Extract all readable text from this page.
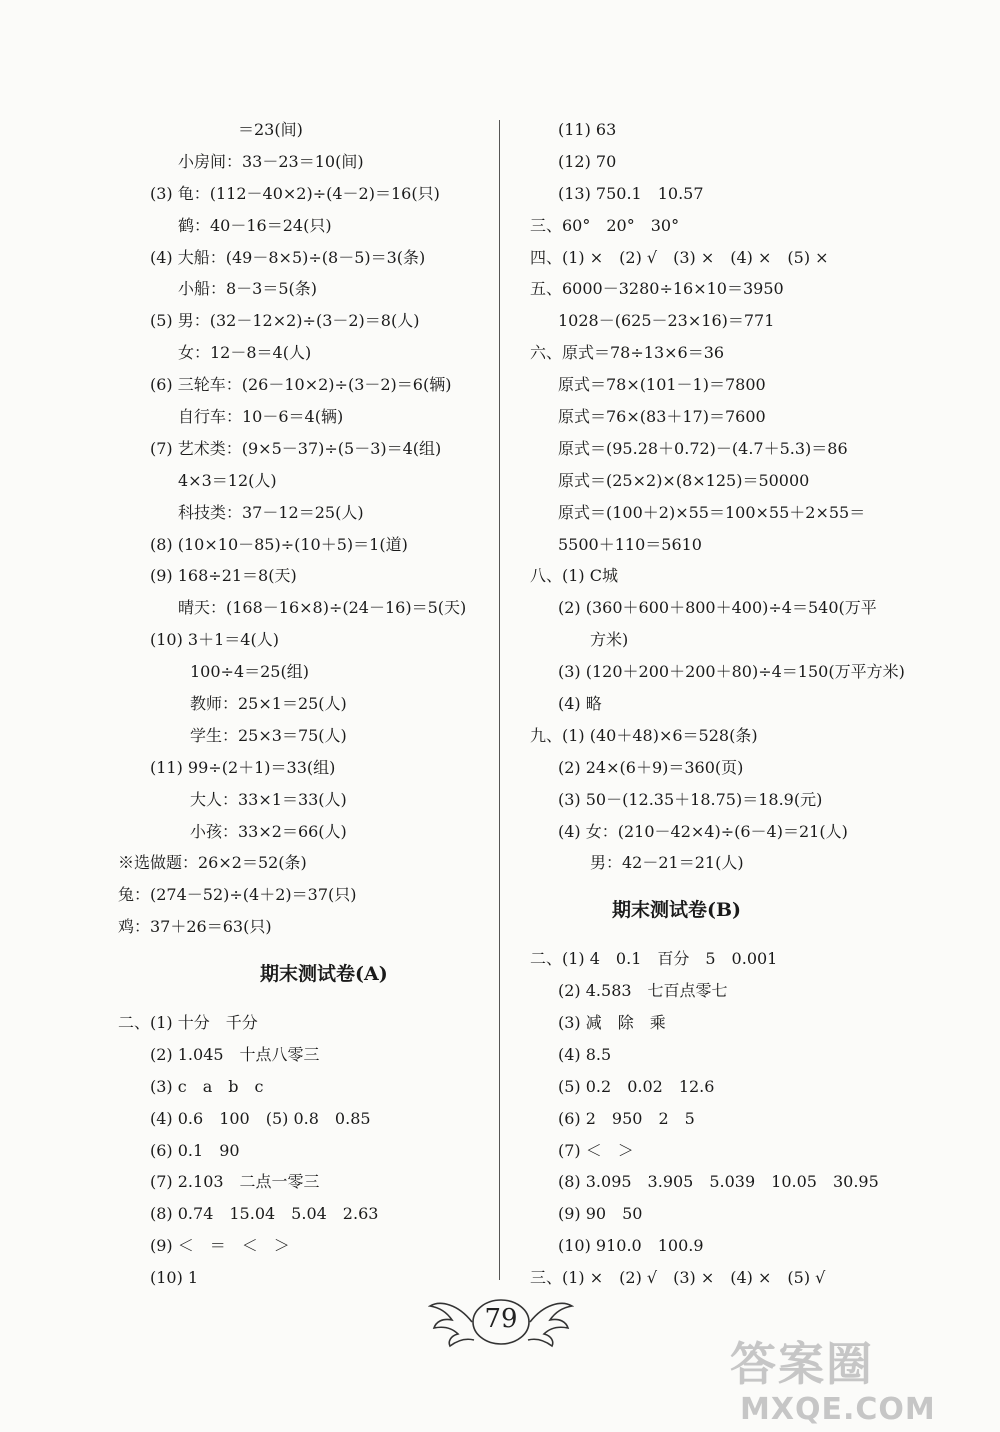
＝23(间)
小房间：33－23＝10(间)
(3) 龟：(112－40×2)÷(4－2)＝16(只)
鹤：40－16＝24(只)
(4) 大船：(49－8×5)÷(8－5)＝3(条)
小船：8－3＝5(条)
(5) 男：(32－12×2)÷(3－2)＝8(人)
女：12－8＝4(人)
(6) 三轮车：(26－10×2)÷(3－2)＝6(辆)
自行车：10－6＝4(辆)
(7) 艺术类：(9×5－37)÷(5－3)＝4(组)
4×3＝12(人)
科技类：37－12＝25(人)
(8) (10×10－85)÷(10＋5)＝1(道)
(9) 168÷21＝8(天)
晴天：(168－16×8)÷(24－16)＝5(天)
(10) 3＋1＝4(人)
100÷4＝25(组)
教师：25×1＝25(人)
学生：25×3＝75(人)
(11) 99÷(2＋1)＝33(组)
大人：33×1＝33(人)
小孩：33×2＝66(人)
※选做题：26×2＝52(条)
兔：(274－52)÷(4＋2)＝37(只)
鸡：37＋26＝63(只)
期末测试卷(A)
二、(1) 十分　千分
(2) 1.045　十点八零三
(3) c　a　b　c
(4) 0.6　100　(5) 0.8　0.85
(6) 0.1　90
(7) 2.103　二点一零三
(8) 0.74　15.04　5.04　2.63
(9) ＜　＝　＜　＞
(10) 1
(11) 63
(12) 70
(13) 750.1　10.57
三、60°　20°　30°
四、(1) ×　(2) √　(3) ×　(4) ×　(5) ×
五、6000－3280÷16×10＝3950
1028－(625－23×16)＝771
六、原式＝78÷13×6＝36
原式＝78×(101－1)＝7800
原式＝76×(83＋17)＝7600
原式＝(95.28＋0.72)－(4.7＋5.3)＝86
原式＝(25×2)×(8×125)＝50000
原式＝(100＋2)×55＝100×55＋2×55＝
5500＋110＝5610
八、(1) C城
(2) (360＋600＋800＋400)÷4＝540(万平
方米)
(3) (120＋200＋200＋80)÷4＝150(万平方米)
(4) 略
九、(1) (40＋48)×6＝528(条)
(2) 24×(6＋9)＝360(页)
(3) 50－(12.35＋18.75)＝18.9(元)
(4) 女：(210－42×4)÷(6－4)＝21(人)
男：42－21＝21(人)
期末测试卷(B)
二、(1) 4　0.1　百分　5　0.001
(2) 4.583　七百点零七
(3) 减　除　乘
(4) 8.5
(5) 0.2　0.02　12.6
(6) 2　950　2　5
(7) ＜　＞
(8) 3.095　3.905　5.039　10.05　30.95
(9) 90　50
(10) 910.0　100.9
三、(1) ×　(2) √　(3) ×　(4) ×　(5) √
79
答案圈
MXQE.COM
